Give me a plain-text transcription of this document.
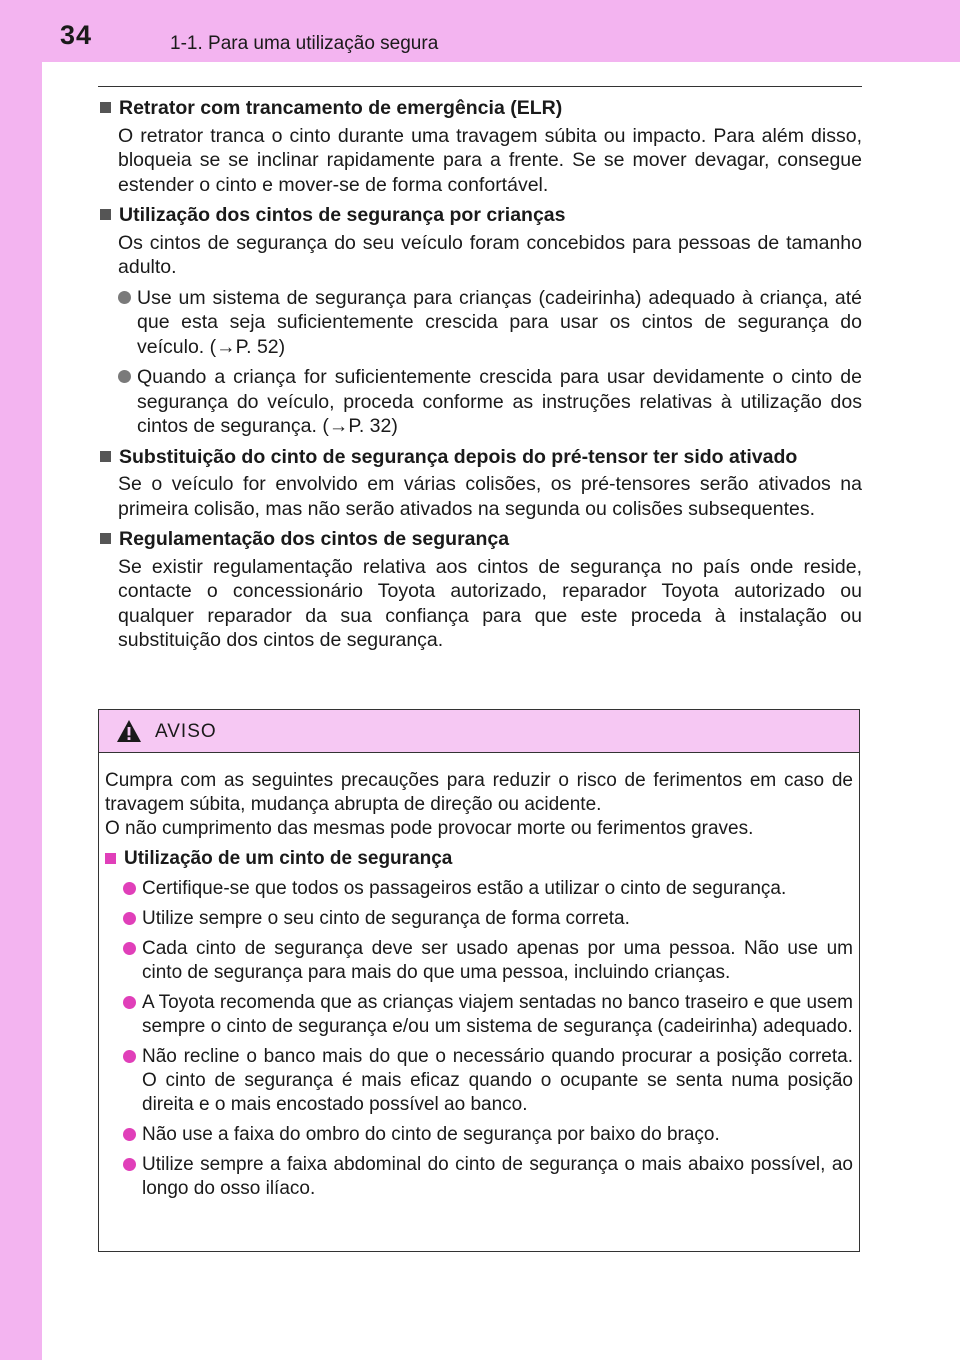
34	1-1. Para uma utilização segura
Retrator com trancamento de emergência (ELR)
O retrator tranca o cinto durante uma travagem súbita ou impacto. Para além disso, bloqueia se se inclinar rapidamente para a frente. Se se mover devagar, consegue estender o cinto e mover-se de forma confortável.
Utilização dos cintos de segurança por crianças
Os cintos de segurança do seu veículo foram concebidos para pessoas de tamanho adulto.
Use um sistema de segurança para crianças (cadeirinha) adequado à criança, até que esta seja suficientemente crescida para usar os cintos de segurança do veículo. (→P. 52)
Quando a criança for suficientemente crescida para usar devidamente o cinto de segurança do veículo, proceda conforme as instruções relativas à utilização dos cintos de segurança. (→P. 32)
Substituição do cinto de segurança depois do pré-tensor ter sido ativado
Se o veículo for envolvido em várias colisões, os pré-tensores serão ativados na primeira colisão, mas não serão ativados na segunda ou colisões subsequentes.
Regulamentação dos cintos de segurança
Se existir regulamentação relativa aos cintos de segurança no país onde reside, contacte o concessionário Toyota autorizado, reparador Toyota autorizado ou qualquer reparador da sua confiança para que este proceda à instalação ou substituição dos cintos de segurança.
AVISO
Cumpra com as seguintes precauções para reduzir o risco de ferimentos em caso de travagem súbita, mudança abrupta de direção ou acidente.
O não cumprimento das mesmas pode provocar morte ou ferimentos graves.
Utilização de um cinto de segurança
Certifique-se que todos os passageiros estão a utilizar o cinto de segurança.
Utilize sempre o seu cinto de segurança de forma correta.
Cada cinto de segurança deve ser usado apenas por uma pessoa. Não use um cinto de segurança para mais do que uma pessoa, incluindo crianças.
A Toyota recomenda que as crianças viajem sentadas no banco traseiro e que usem sempre o cinto de segurança e/ou um sistema de segurança (cadeirinha) adequado.
Não recline o banco mais do que o necessário quando procurar a posição correta. O cinto de segurança é mais eficaz quando o ocupante se senta numa posição direita e o mais encostado possível ao banco.
Não use a faixa do ombro do cinto de segurança por baixo do braço.
Utilize sempre a faixa abdominal do cinto de segurança o mais abaixo possível, ao longo do osso ilíaco.
